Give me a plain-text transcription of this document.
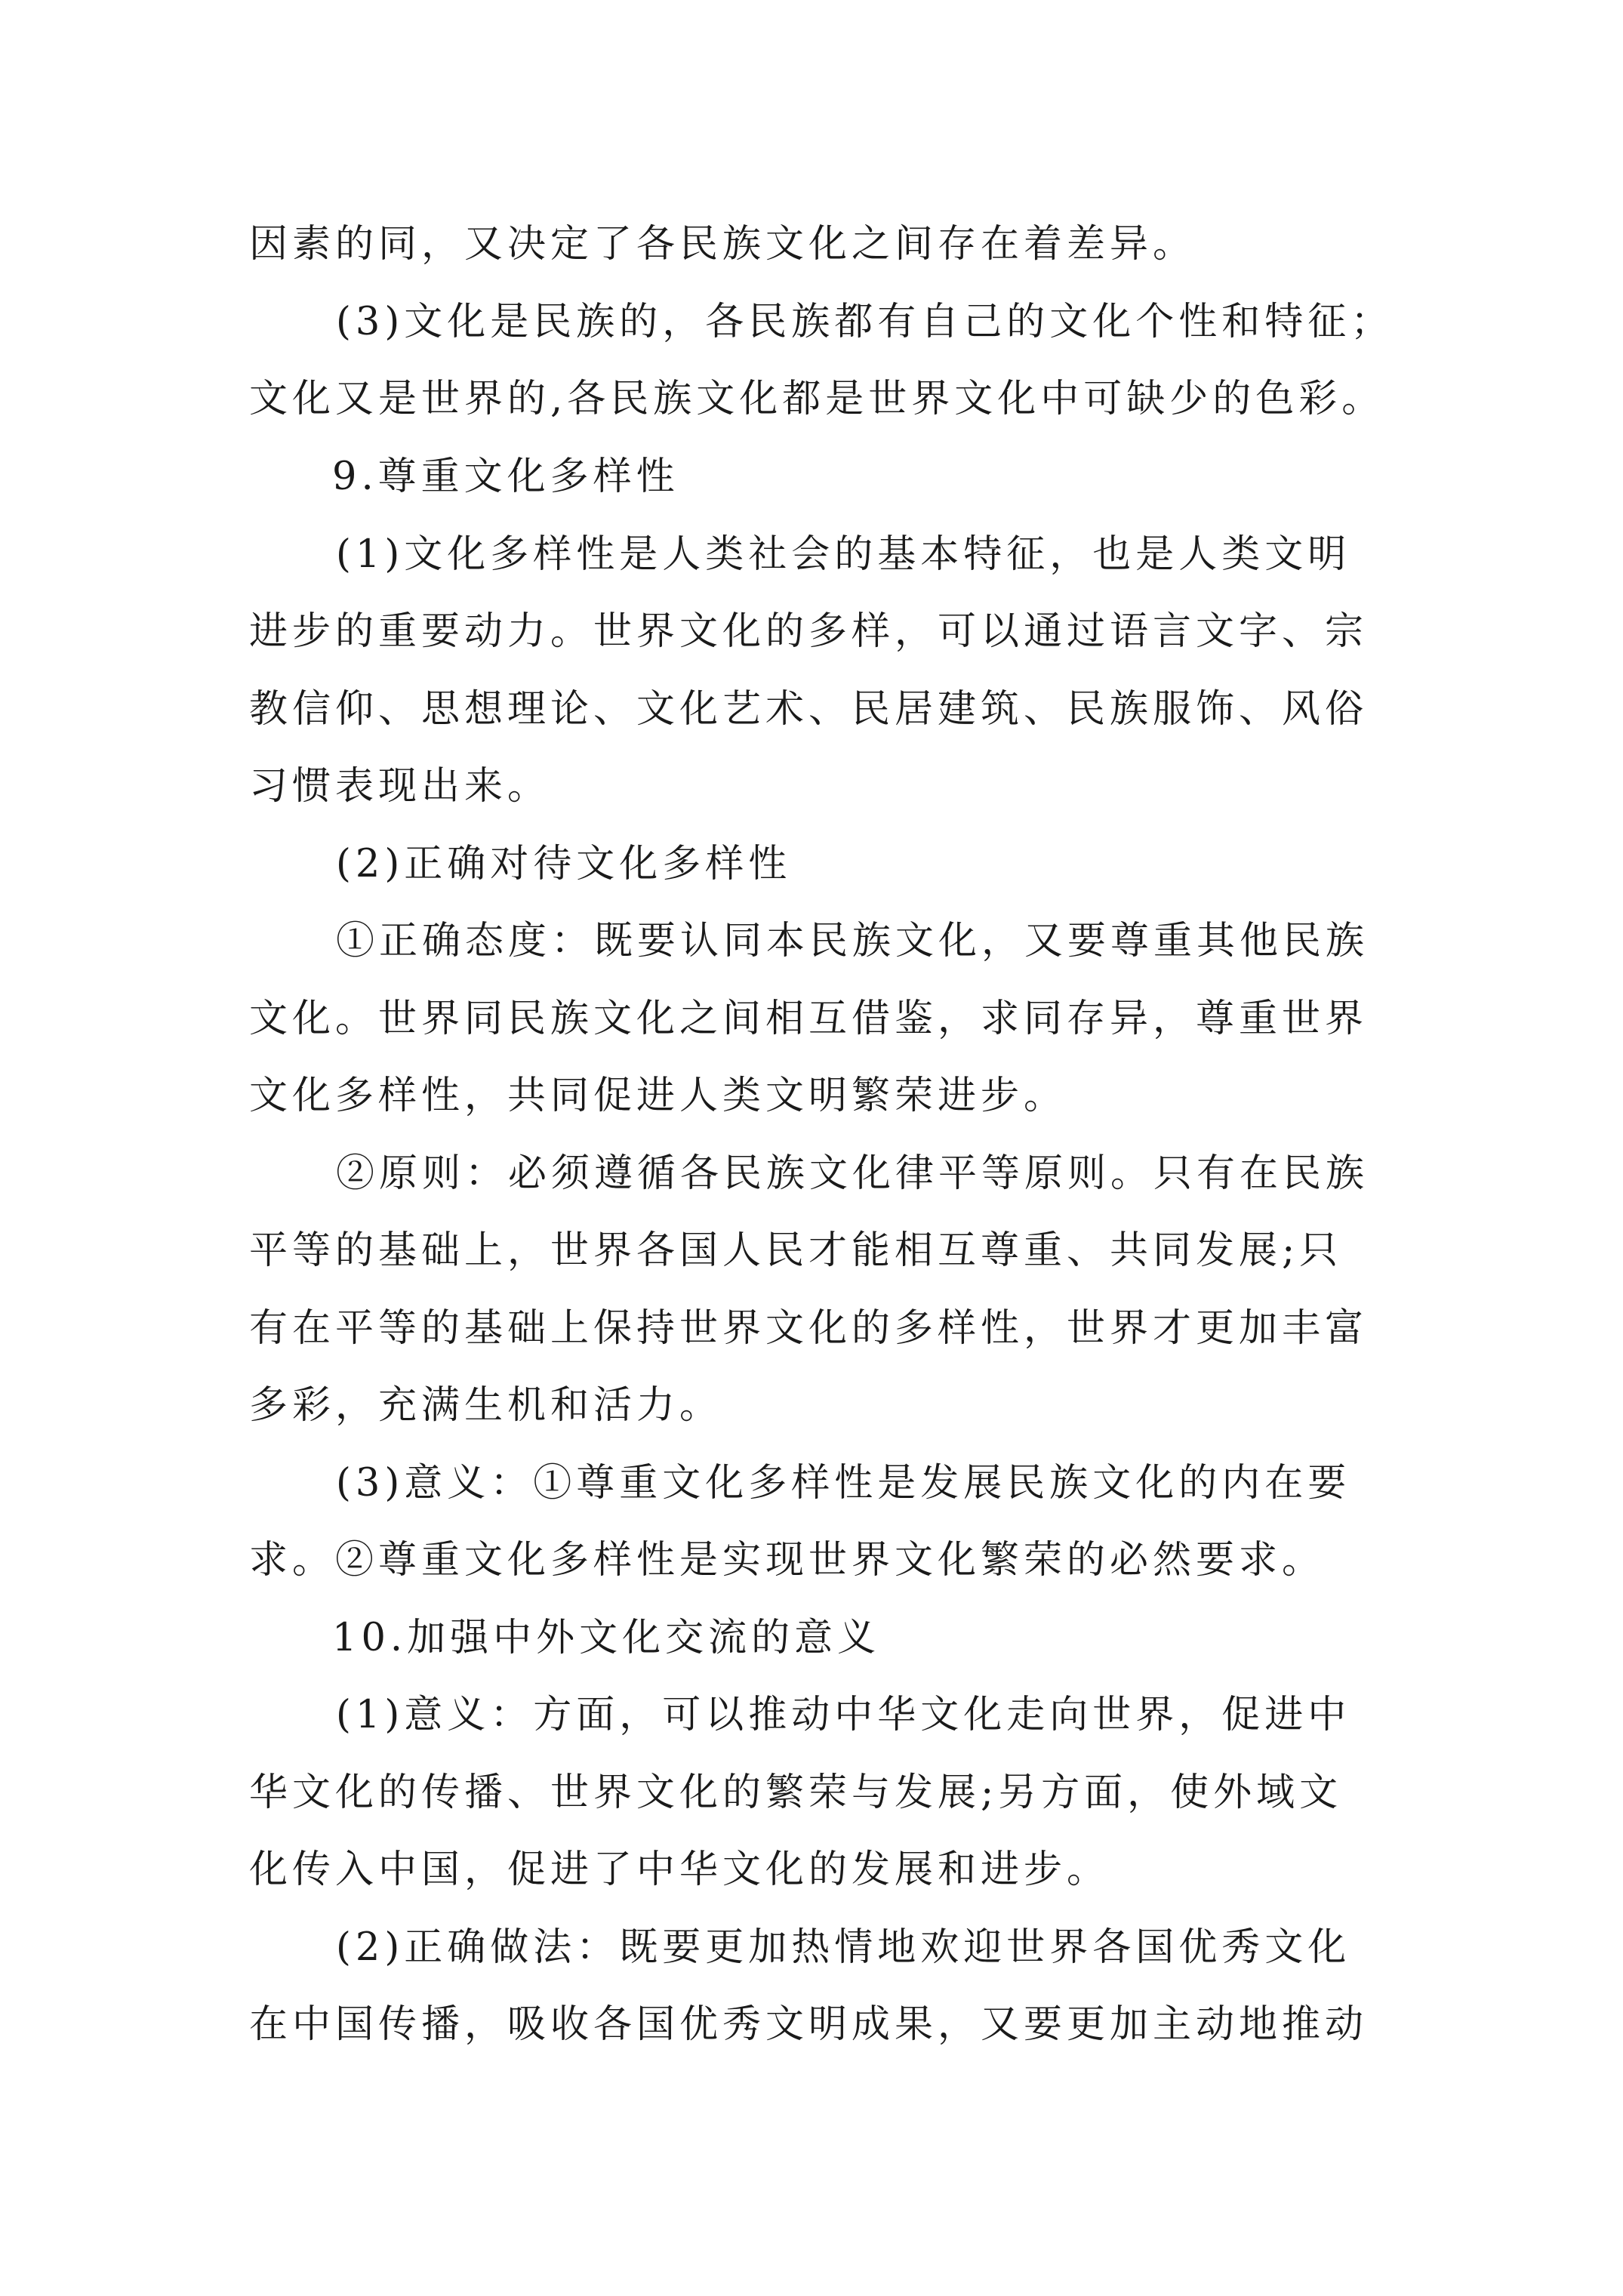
因素的同，又决定了各民族文化之间存在着差异。
(3)文化是民族的，各民族都有自己的文化个性和特征；
文化又是世界的,各民族文化都是世界文化中可缺少的色彩。
9.尊重文化多样性
(1)文化多样性是人类社会的基本特征，也是人类文明
进步的重要动力。世界文化的多样，可以通过语言文字、宗
教信仰、思想理论、文化艺术、民居建筑、民族服饰、风俗
习惯表现出来。
(2)正确对待文化多样性
①正确态度：既要认同本民族文化，又要尊重其他民族
文化。世界同民族文化之间相互借鉴，求同存异，尊重世界
文化多样性，共同促进人类文明繁荣进步。
②原则：必须遵循各民族文化律平等原则。只有在民族
平等的基础上，世界各国人民才能相互尊重、共同发展;只
有在平等的基础上保持世界文化的多样性，世界才更加丰富
多彩，充满生机和活力。
(3)意义：①尊重文化多样性是发展民族文化的内在要
求。②尊重文化多样性是实现世界文化繁荣的必然要求。
10.加强中外文化交流的意义
(1)意义：方面，可以推动中华文化走向世界，促进中
华文化的传播、世界文化的繁荣与发展;另方面，使外域文
化传入中国，促进了中华文化的发展和进步。
(2)正确做法：既要更加热情地欢迎世界各国优秀文化
在中国传播，吸收各国优秀文明成果，又要更加主动地推动
